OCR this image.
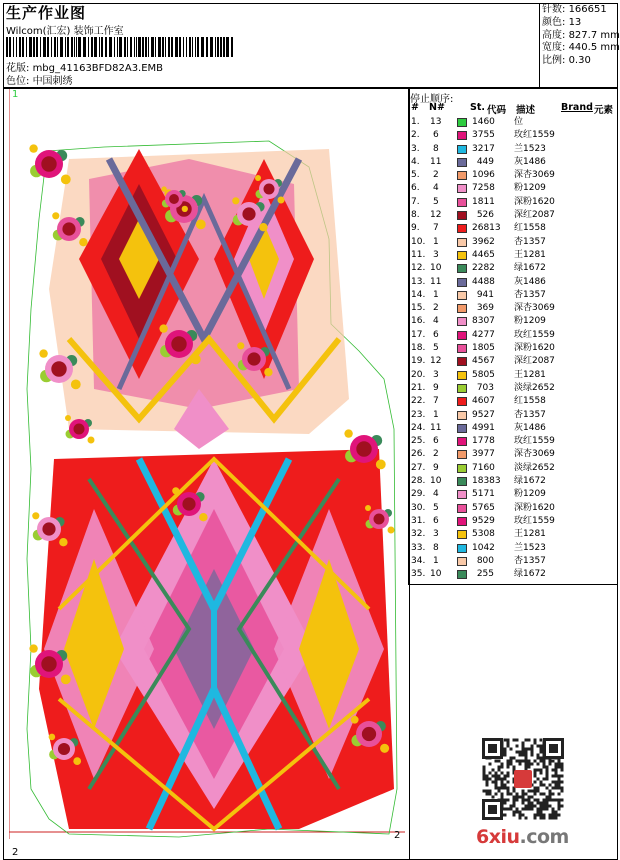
生产作业图
Wilcom(汇宏) 装饰工作室
花版: mbg_41163BFD82A3.EMB
色位: 中国刺绣
针数: 166651
颜色: 13
高度: 827.7 mm
宽度: 440.5 mm
比例: 0.30
停止顺序:
# N#	St. 代码 描述	Brand 元素
1. 13	1460 位
2. 6	3755 玫红1559
3. 8	3217 兰1523
4. 11	449 灰1486
5. 2	1096 深杏3069
6. 4	7258 粉1209
7. 5	1811 深粉1620
8. 12	526 深红2087
9. 7	26813 红1558
10. 1	3962 杏1357
11. 3	4465 王1281
12. 10	2282 绿1672
13. 11	4488 灰1486
14. 1	941 杏1357
15. 2	369 深杏3069
16. 4	8307 粉1209
17. 6	4277 玫红1559
18. 5	1805 深粉1620
19. 12	4567 深红2087
20. 3	5805 王1281
21. 9	703 淡绿2652
22. 7	4607 红1558
23. 1	9527 杏1357
24. 11	4991 灰1486
25. 6	1778 玫红1559
26. 2	3977 深杏3069
27. 9	7160 淡绿2652
28. 10	18383 绿1672
29. 4	5171 粉1209
30. 5	5765 深粉1620
31. 6	9529 玫红1559
32. 3	5308 王1281
33. 8	1042 兰1523
34. 1	800 杏1357
35. 10	255 绿1672
1
2
2	6xiu.com
